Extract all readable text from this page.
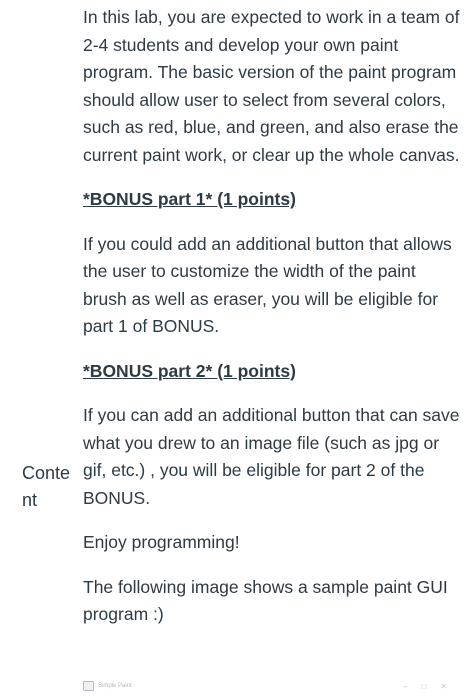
Conte
nt

In this lab, you are expected to work in a team of 2-4 students and develop your own paint program. The basic version of the paint program should allow user to select from several colors, such as red, blue, and green, and also erase the current paint work, or clear up the whole canvas.

*BONUS part 1* (1 points)

If you could add an additional button that allows the user to customize the width of the paint brush as well as eraser, you will be eligible for part 1 of BONUS.

*BONUS part 2* (1 points)

If you can add an additional button that can save what you drew to an image file (such as jpg or gif, etc.) , you will be eligible for part 2 of the BONUS.

Enjoy programming!

The following image shows a sample paint GUI program :)

Simple Paint	– □ ✕
